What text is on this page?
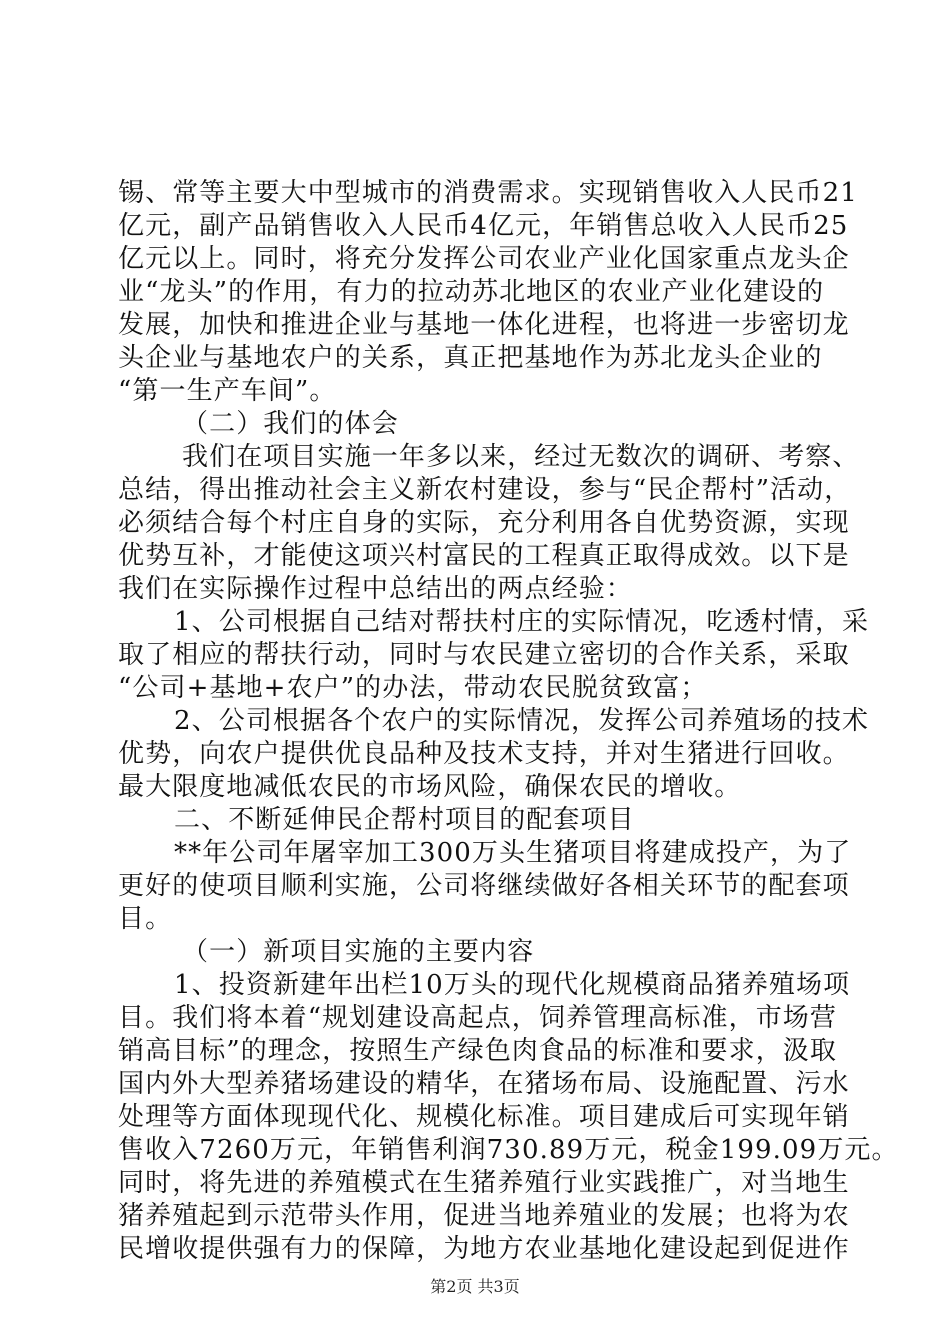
锡、常等主要大中型城市的消费需求。实现销售收入人民币21
亿元，副产品销售收入人民币4亿元，年销售总收入人民币25
亿元以上。同时，将充分发挥公司农业产业化国家重点龙头企
业“龙头”的作用，有力的拉动苏北地区的农业产业化建设的
发展，加快和推进企业与基地一体化进程，也将进一步密切龙
头企业与基地农户的关系，真正把基地作为苏北龙头企业的
“第一生产车间”。
（二）我们的体会
我们在项目实施一年多以来，经过无数次的调研、考察、
总结，得出推动社会主义新农村建设，参与“民企帮村”活动，
必须结合每个村庄自身的实际，充分利用各自优势资源，实现
优势互补，才能使这项兴村富民的工程真正取得成效。以下是
我们在实际操作过程中总结出的两点经验：
1、公司根据自己结对帮扶村庄的实际情况，吃透村情，采
取了相应的帮扶行动，同时与农民建立密切的合作关系，采取
“公司+基地+农户”的办法，带动农民脱贫致富；
2、公司根据各个农户的实际情况，发挥公司养殖场的技术
优势，向农户提供优良品种及技术支持，并对生猪进行回收。
最大限度地减低农民的市场风险，确保农民的增收。
二、不断延伸民企帮村项目的配套项目
**年公司年屠宰加工300万头生猪项目将建成投产，为了
更好的使项目顺利实施，公司将继续做好各相关环节的配套项
目。
（一）新项目实施的主要内容
1、投资新建年出栏10万头的现代化规模商品猪养殖场项
目。我们将本着“规划建设高起点，饲养管理高标准，市场营
销高目标”的理念，按照生产绿色肉食品的标准和要求，汲取
国内外大型养猪场建设的精华，在猪场布局、设施配置、污水
处理等方面体现现代化、规模化标准。项目建成后可实现年销
售收入7260万元，年销售利润730.89万元，税金199.09万元。
同时，将先进的养殖模式在生猪养殖行业实践推广，对当地生
猪养殖起到示范带头作用，促进当地养殖业的发展；也将为农
民增收提供强有力的保障，为地方农业基地化建设起到促进作
第2页 共3页
